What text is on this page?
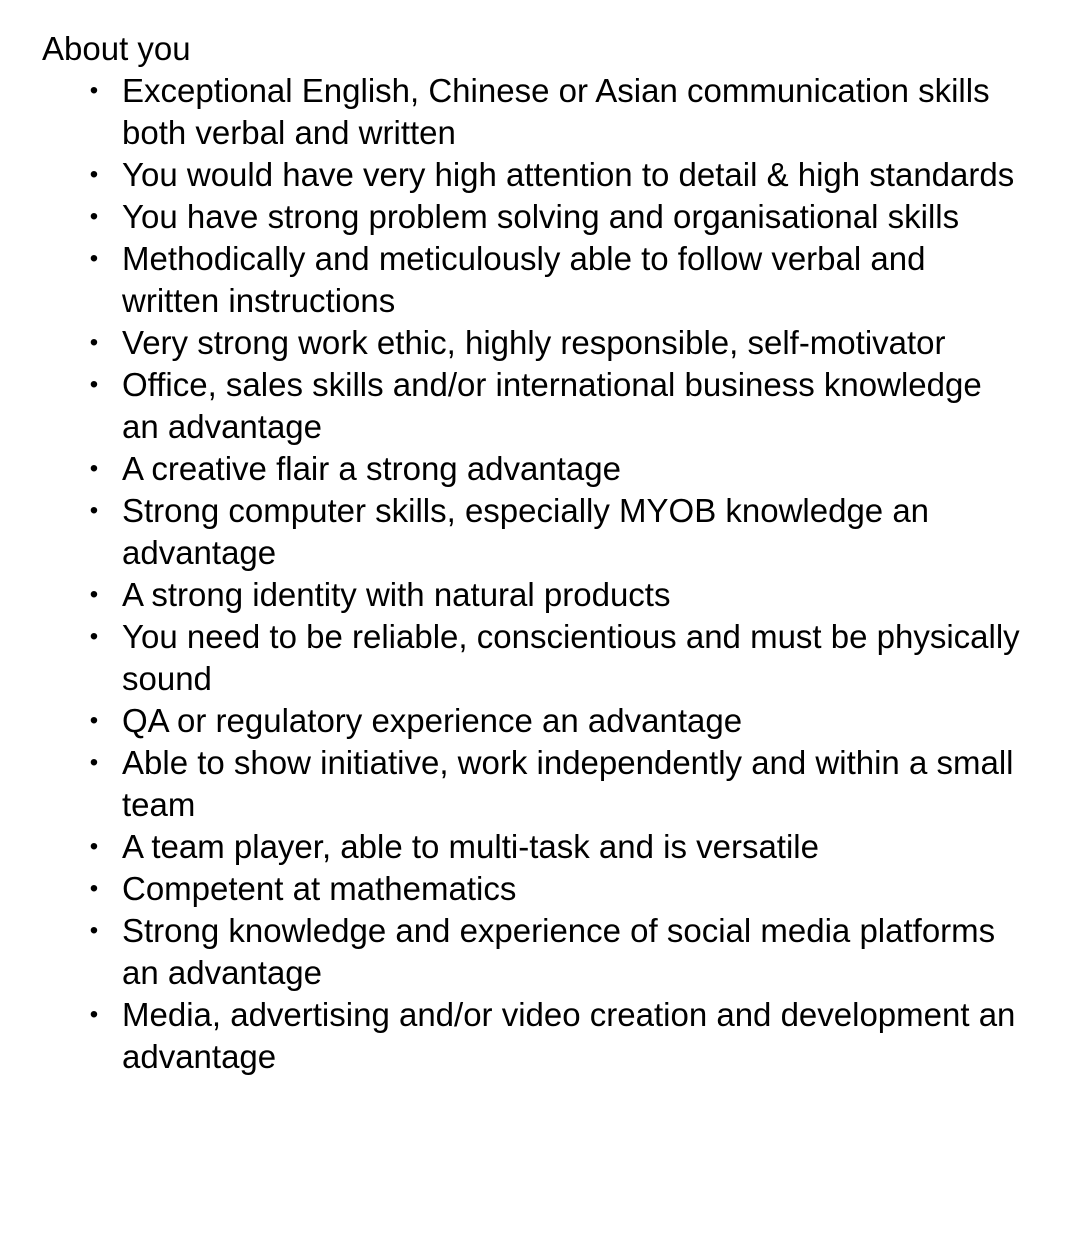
About you
• Exceptional English, Chinese or Asian communication skills both verbal and written
• You would have very high attention to detail & high standards
• You have strong problem solving and organisational skills
• Methodically and meticulously able to follow verbal and written instructions
• Very strong work ethic, highly responsible, self-motivator
• Office, sales skills and/or international business knowledge an advantage
• A creative flair a strong advantage
• Strong computer skills, especially MYOB knowledge an advantage
• A strong identity with natural products
• You need to be reliable, conscientious and must be physically sound
• QA or regulatory experience an advantage
• Able to show initiative, work independently and within a small team
• A team player, able to multi-task and is versatile
• Competent at mathematics
• Strong knowledge and experience of social media platforms an advantage
• Media, advertising and/or video creation and development an advantage
